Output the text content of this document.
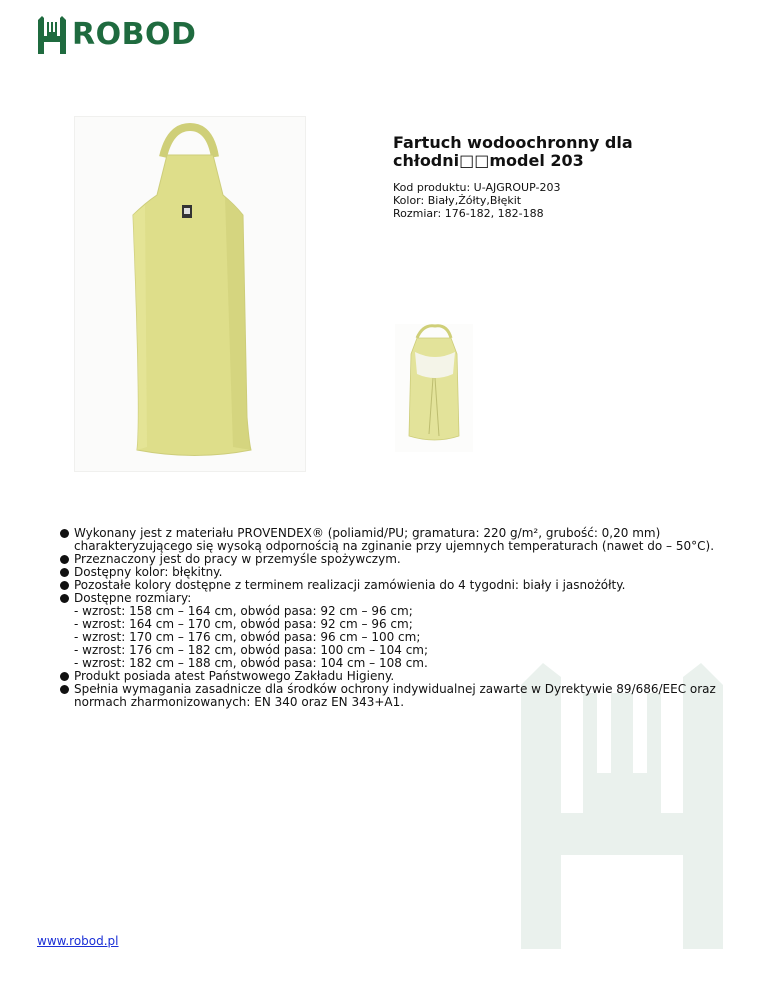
ROBOD
Fartuch wodoochronny dla chłodni□□model 203
Kod produktu: U-AJGROUP-203
Kolor: Biały,Żółty,Błękit
Rozmiar: 176-182, 182-188
Wykonany jest z materiału PROVENDEX® (poliamid/PU; gramatura: 220 g/m², grubość: 0,20 mm) charakteryzującego się wysoką odpornością na zginanie przy ujemnych temperaturach (nawet do – 50°C).
Przeznaczony jest do pracy w przemyśle spożywczym.
Dostępny kolor: błękitny.
Pozostałe kolory dostępne z terminem realizacji zamówienia do 4 tygodni: biały i jasnożółty.
Dostępne rozmiary:
- wzrost: 158 cm – 164 cm, obwód pasa: 92 cm – 96 cm;
- wzrost: 164 cm – 170 cm, obwód pasa: 92 cm – 96 cm;
- wzrost: 170 cm – 176 cm, obwód pasa: 96 cm – 100 cm;
- wzrost: 176 cm – 182 cm, obwód pasa: 100 cm – 104 cm;
- wzrost: 182 cm – 188 cm, obwód pasa: 104 cm – 108 cm.
Produkt posiada atest Państwowego Zakładu Higieny.
Spełnia wymagania zasadnicze dla środków ochrony indywidualnej zawarte w Dyrektywie 89/686/EEC oraz normach zharmonizowanych: EN 340 oraz EN 343+A1.
www.robod.pl
